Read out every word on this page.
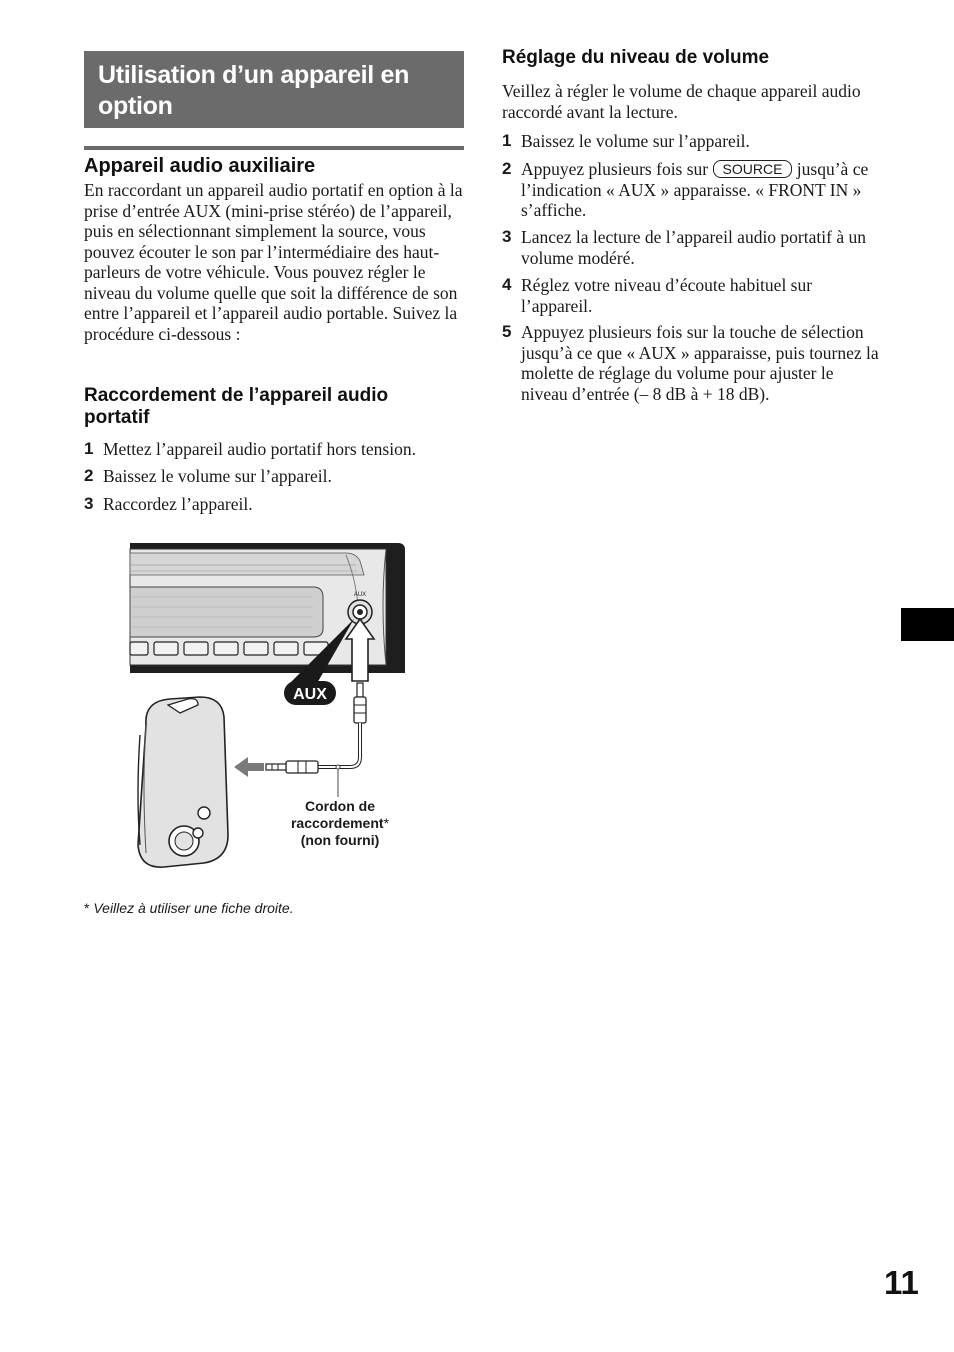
Utilisation d’un appareil en
option
Appareil audio auxiliaire
En raccordant un appareil audio portatif en option à la prise d’entrée AUX (mini-prise stéréo) de l’appareil, puis en sélectionnant simplement la source, vous pouvez écouter le son par l’intermédiaire des haut-parleurs de votre véhicule. Vous pouvez régler le niveau du volume quelle que soit la différence de son entre l’appareil et l’appareil audio portable. Suivez la procédure ci-dessous :
Raccordement de l’appareil audio
portatif
1 Mettez l’appareil audio portatif hors tension.
2 Baissez le volume sur l’appareil.
3 Raccordez l’appareil.
AUX
AUX
Cordon de
raccordement*
(non fourni)
* Veillez à utiliser une fiche droite.
Réglage du niveau de volume
Veillez à régler le volume de chaque appareil audio raccordé avant la lecture.
1 Baissez le volume sur l’appareil.
2 Appuyez plusieurs fois sur SOURCE jusqu’à ce l’indication « AUX » apparaisse. « FRONT IN » s’affiche.
3 Lancez la lecture de l’appareil audio portatif à un volume modéré.
4 Réglez votre niveau d’écoute habituel sur l’appareil.
5 Appuyez plusieurs fois sur la touche de sélection jusqu’à ce que « AUX » apparaisse, puis tournez la molette de réglage du volume pour ajuster le niveau d’entrée (– 8 dB à + 18 dB).
11
